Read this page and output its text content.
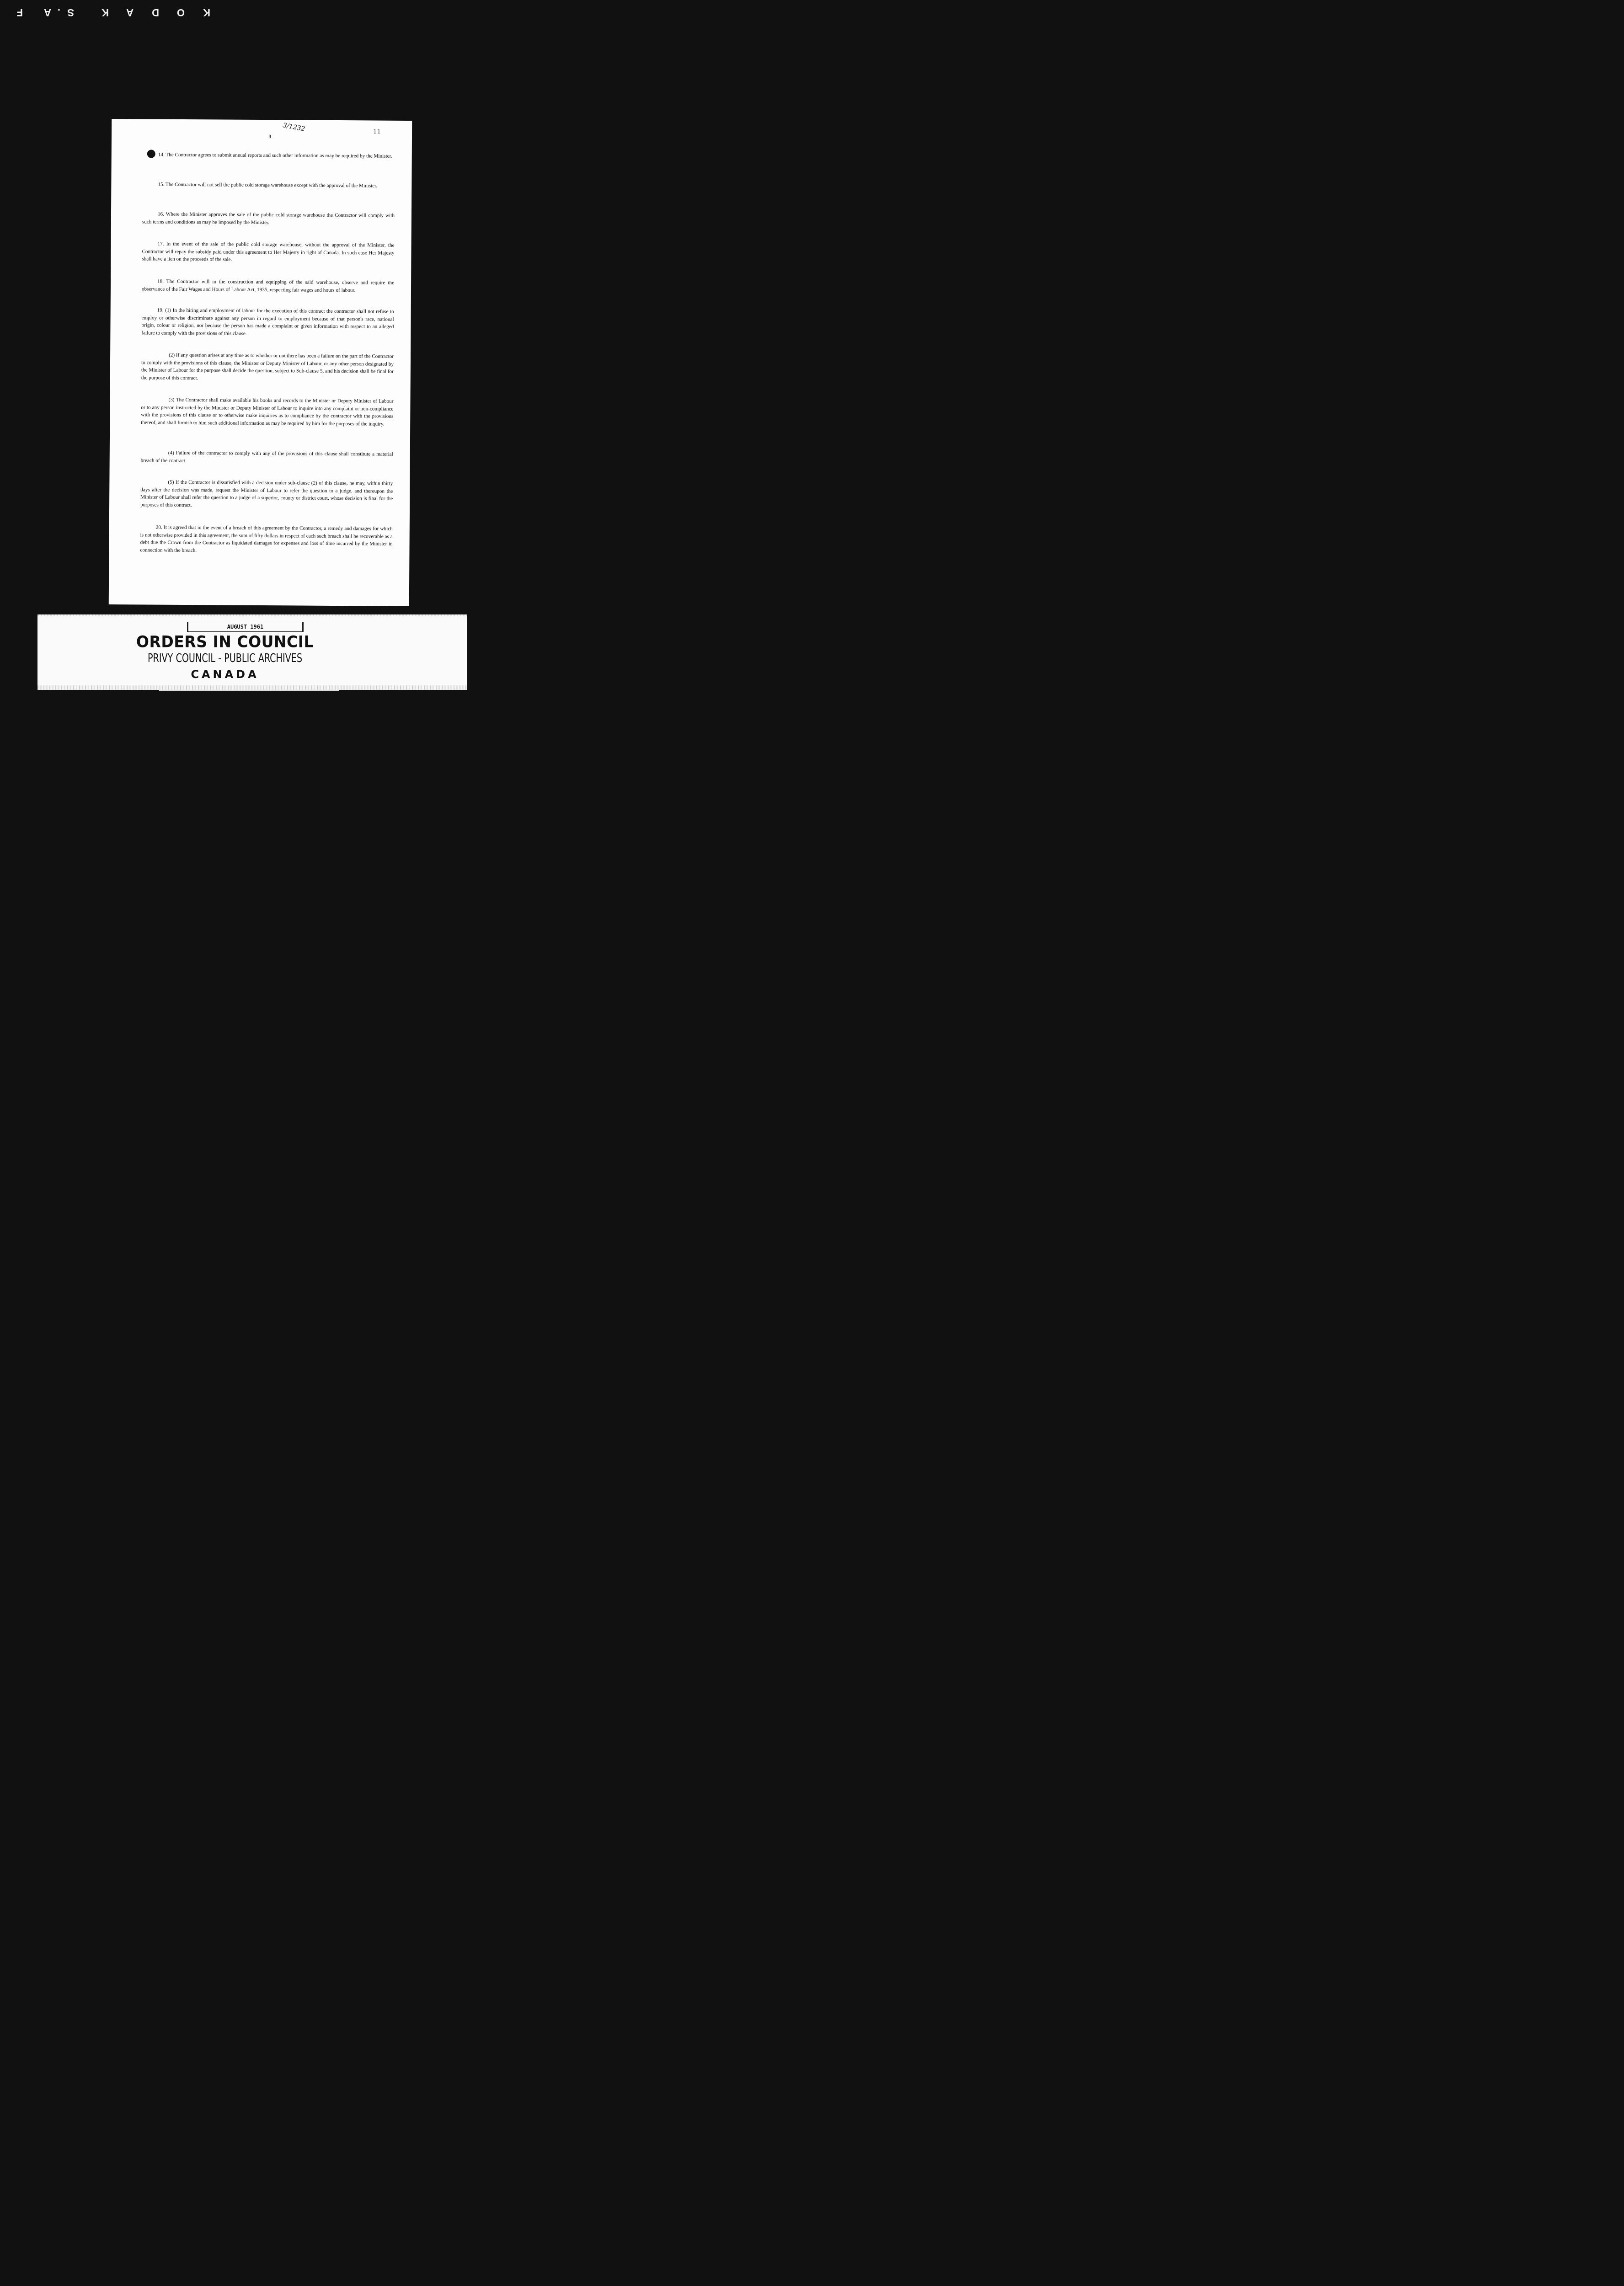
K
O
D
A
K
S
.
A
F
3/1232
3
11

14. The Contractor agrees to submit annual reports and such other information as may be required by the Minister.

15. The Contractor will not sell the public cold storage warehouse except with the approval of the Minister.

16. Where the Minister approves the sale of the public cold storage warehouse the Contractor will comply with such terms and conditions as may be imposed by the Minister.

17. In the event of the sale of the public cold storage warehouse, without the approval of the Minister, the Contractor will repay the subsidy paid under this agreement to Her Majesty in right of Canada. In such case Her Majesty shall have a lien on the proceeds of the sale.

18. The Contractor will in the construction and equipping of the said warehouse, observe and require the observance of the Fair Wages and Hours of Labour Act, 1935, respecting fair wages and hours of labour.

19. (1) In the hiring and employment of labour for the execution of this contract the contractor shall not refuse to employ or otherwise discriminate against any person in regard to employment because of that person's race, national origin, colour or religion, nor because the person has made a complaint or given information with respect to an alleged failure to comply with the provisions of this clause.

(2) If any question arises at any time as to whether or not there has been a failure on the part of the Contractor to comply with the provisions of this clause, the Minister or Deputy Minister of Labour, or any other person designated by the Minister of Labour for the purpose shall decide the question, subject to Sub-clause 5, and his decision shall be final for the purpose of this contract.

(3) The Contractor shall make available his books and records to the Minister or Deputy Minister of Labour or to any person instructed by the Minister or Deputy Minister of Labour to inquire into any complaint or non-compliance with the provisions of this clause or to otherwise make inquiries as to compliance by the contractor with the provisions thereof, and shall furnish to him such additional information as may be required by him for the purposes of the inquiry.

(4) Failure of the contractor to comply with any of the provisions of this clause shall constitute a material breach of the contract.

(5) If the Contractor is dissatisfied with a decision under sub-clause (2) of this clause, he may, within thirty days after the decision was made, request the Minister of Labour to refer the question to a judge, and thereupon the Minister of Labour shall refer the question to a judge of a superior, county or district court, whose decision is final for the purposes of this contract.

20. It is agreed that in the event of a breach of this agreement by the Contractor, a remedy and damages for which is not otherwise provided in this agreement, the sum of fifty dollars in respect of each such breach shall be recoverable as a debt due the Crown from the Contractor as liquidated damages for expenses and loss of time incurred by the Minister in connection with the breach.

AUGUST 1961
ORDERS IN COUNCIL
PRIVY COUNCIL - PUBLIC ARCHIVES
CANADA
